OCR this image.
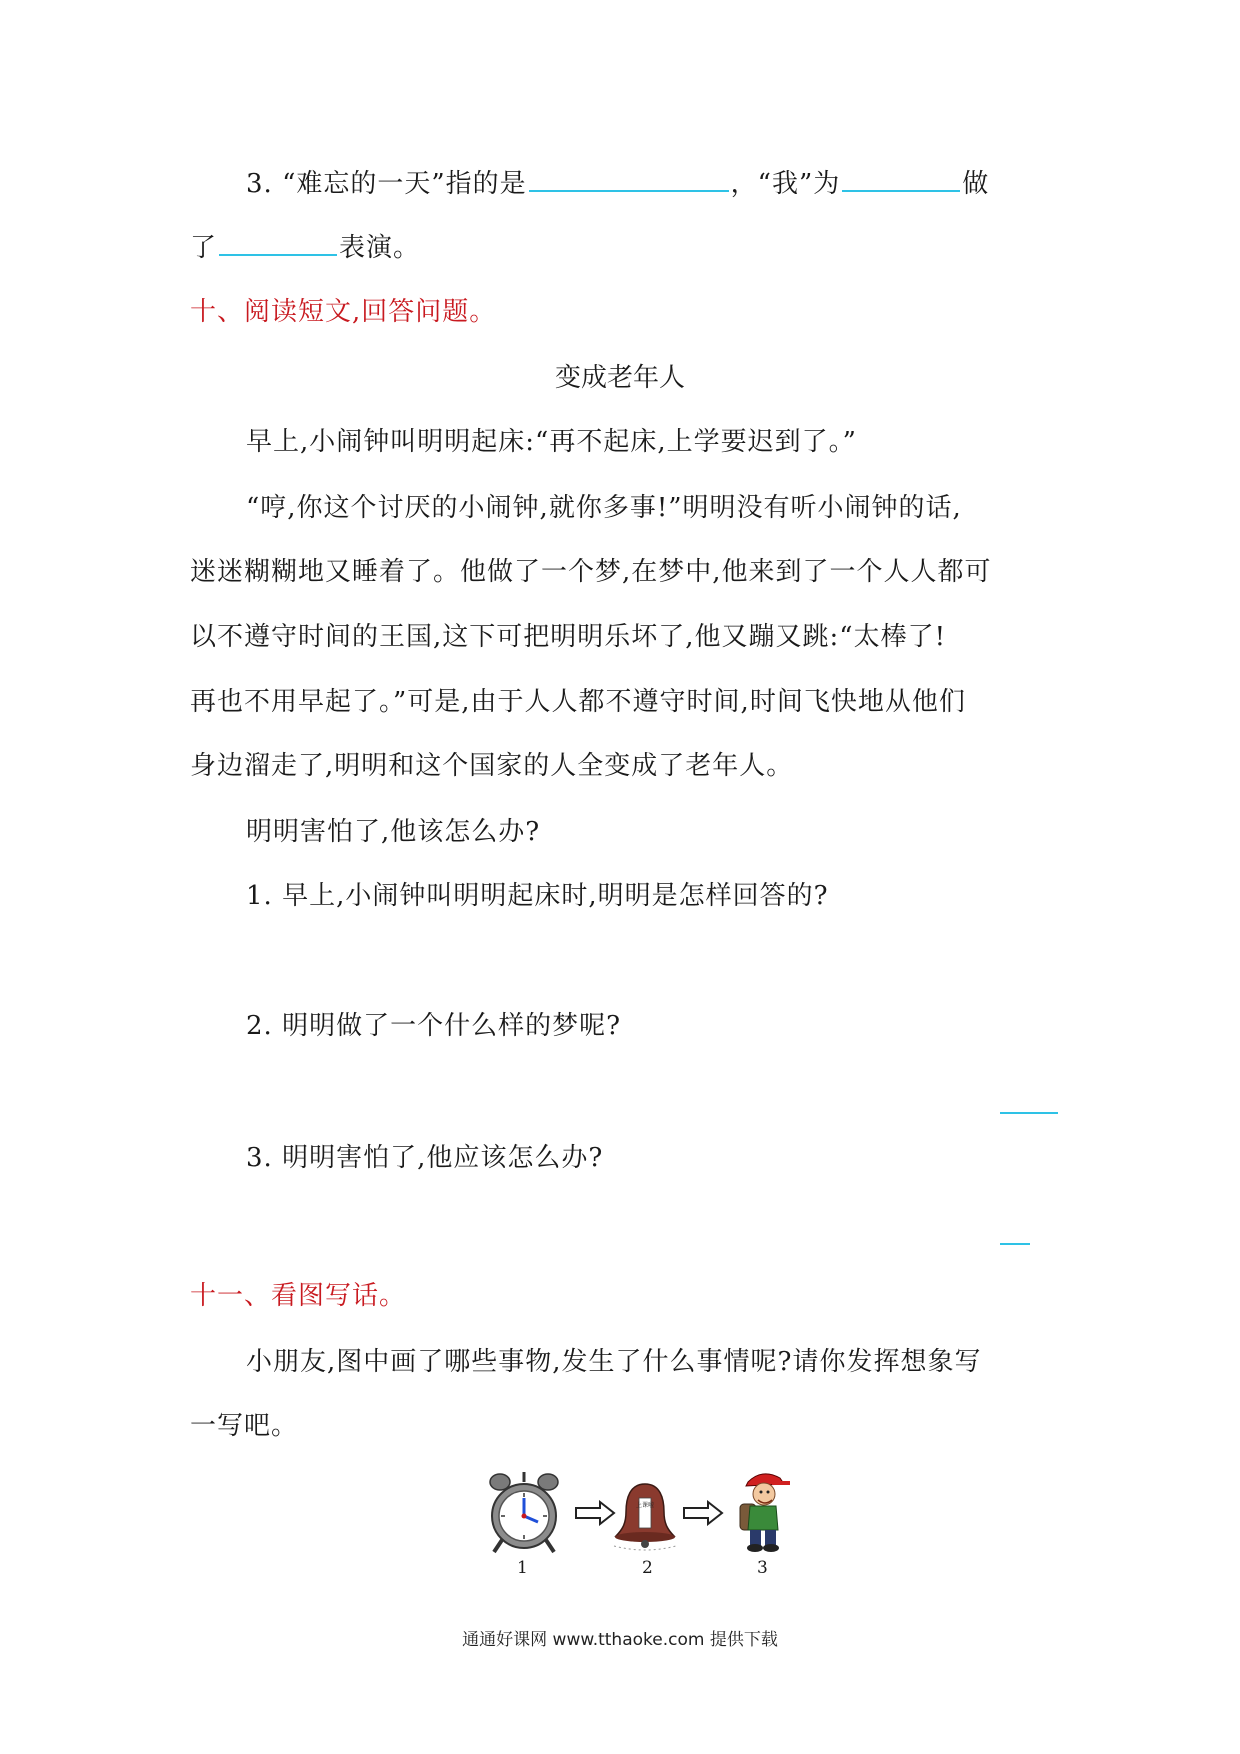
3. “难忘的一天”指的是	，“我”为	做
了	表演。
十、阅读短文,回答问题。
变成老年人
早上,小闹钟叫明明起床:“再不起床,上学要迟到了。”
“哼,你这个讨厌的小闹钟,就你多事!”明明没有听小闹钟的话,
迷迷糊糊地又睡着了。他做了一个梦,在梦中,他来到了一个人人都可
以不遵守时间的王国,这下可把明明乐坏了,他又蹦又跳:“太棒了!
再也不用早起了。”可是,由于人人都不遵守时间,时间飞快地从他们
身边溜走了,明明和这个国家的人全变成了老年人。
明明害怕了,他该怎么办?
1. 早上,小闹钟叫明明起床时,明明是怎样回答的?
2. 明明做了一个什么样的梦呢?
3. 明明害怕了,他应该怎么办?
十一、看图写话。
小朋友,图中画了哪些事物,发生了什么事情呢?请你发挥想象写
一写吧。
1
上课啦
2	3
通通好课网 www.tthaoke.com 提供下载
